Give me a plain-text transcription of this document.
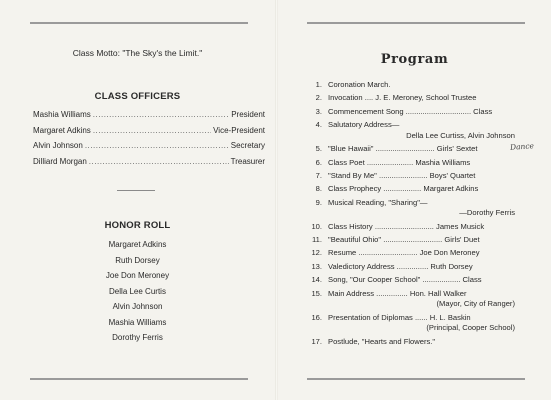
Class Motto: "The Sky's the Limit."
CLASS OFFICERS
Mashia Williams .....	President
Margaret Adkins .....	Vice-President
Alvin Johnson .....	Secretary
Dilliard Morgan .....	Treasurer
HONOR ROLL
Margaret Adkins
Ruth Dorsey
Joe Don Meroney
Della Lee Curtis
Alvin Johnson
Mashia Williams
Dorothy Ferris
Program
1. Coronation March.
2. Invocation .... J. E. Meroney, School Trustee
3. Commencement Song ............................... Class
4. Salutatory Address—
Della Lee Curtiss, Alvin Johnson
5. "Blue Hawaii" ............................ Girls' Sextet
6. Class Poet ...................... Mashia Williams
7. "Stand By Me" ....................... Boys' Quartet
8. Class Prophecy .................. Margaret Adkins
9. Musical Reading, "Sharing"—
—Dorothy Ferris
10. Class History ............................ James Musick
11. "Beautiful Ohio" ............................ Girls' Duet
12. Resume ............................ Joe Don Meroney
13. Valedictory Address ............... Ruth Dorsey
14. Song, "Our Cooper School" .................. Class
15. Main Address ............... Hon. Hall Walker
(Mayor, City of Ranger)
16. Presentation of Diplomas ...... H. L. Baskin
(Principal, Cooper School)
17. Postlude, "Hearts and Flowers."
Dance
